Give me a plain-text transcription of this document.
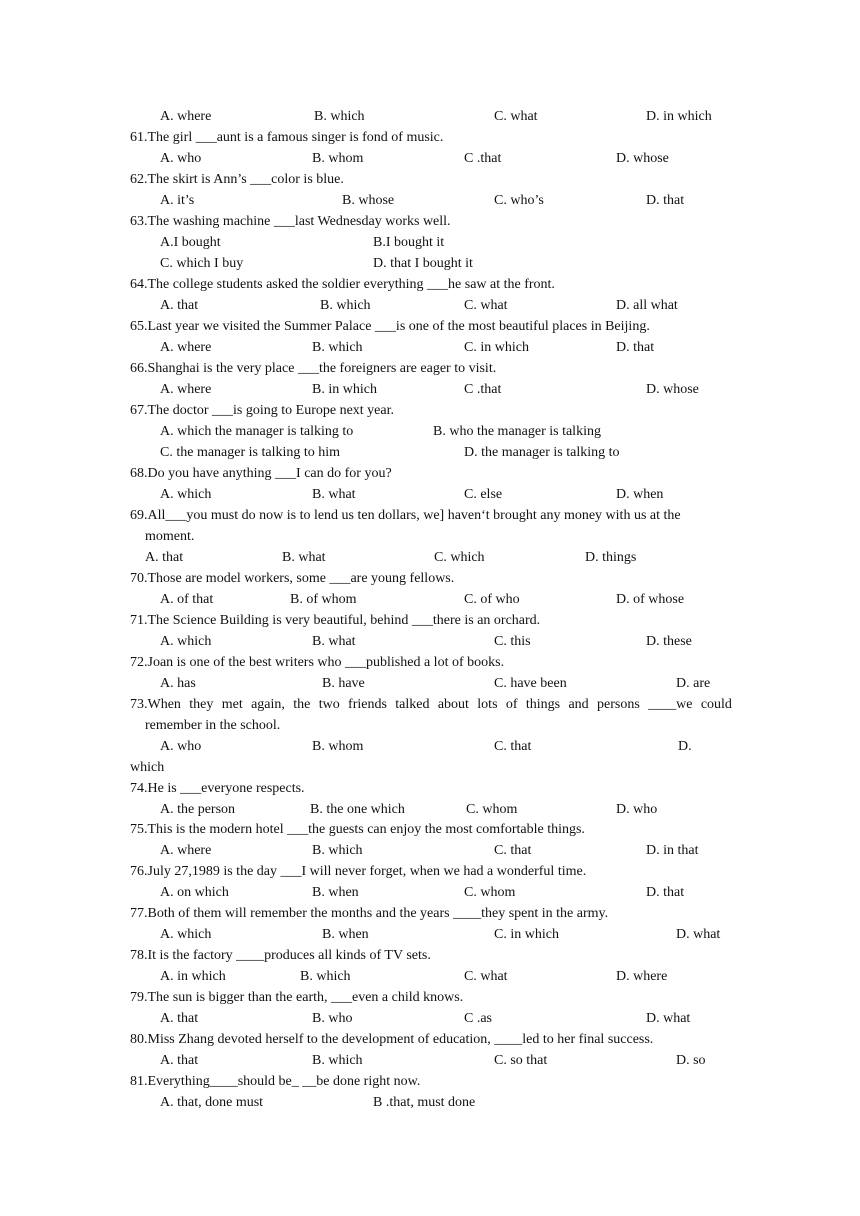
A. where	B. which	C. what	D. in which
61.The girl ___aunt is a famous singer is fond of music.
A. who	B. whom	C .that	D. whose
62.The skirt is Ann’s ___color is blue.
A. it’s	B. whose	C. who’s	D. that
63.The washing machine ___last Wednesday works well.
A.I bought	B.I bought it
C. which I buy	D. that I bought it
64.The college students asked the soldier everything ___he saw at the front.
A. that	B. which	C. what	D. all what
65.Last year we visited the Summer Palace ___is one of the most beautiful places in Beijing.
A. where	B. which	C. in which	D. that
66.Shanghai is the very place ___the foreigners are eager to visit.
A. where	B. in which	C .that	D. whose
67.The doctor ___is going to Europe next year.
A. which the manager is talking to	B. who the manager is talking
C. the manager is talking to him	D. the manager is talking to
68.Do you have anything ___I can do for you?
A. which	B. what	C. else	D. when
69.All___you must do now is to lend us ten dollars, we] haven‘t brought any money with us at the
moment.
A. that	B. what	C. which	D. things
70.Those are model workers, some ___are young fellows.
A. of that	B. of whom	C. of who	D. of whose
71.The Science Building is very beautiful, behind ___there is an orchard.
A. which	B. what	C. this	D. these
72.Joan is one of the best writers who ___published a lot of books.
A. has	B. have	C. have been	D. are
73.When they met again, the two friends talked about lots of things and persons ____we could
remember in the school.
A. who	B. whom	C. that	D.
which
74.He is ___everyone respects.
A. the person	B. the one which	C. whom	D. who
75.This is the modern hotel ___the guests can enjoy the most comfortable things.
A. where	B. which	C. that	D. in that
76.July 27,1989 is the day ___I will never forget, when we had a wonderful time.
A. on which	B. when	C. whom	D. that
77.Both of them will remember the months and the years ____they spent in the army.
A. which	B. when	C. in which	D. what
78.It is the factory ____produces all kinds of TV sets.
A. in which	B. which	C. what	D. where
79.The sun is bigger than the earth, ___even a child knows.
A. that	B. who	C .as	D. what
80.Miss Zhang devoted herself to the development of education, ____led to her final success.
A. that	B. which	C. so that	D. so
81.Everything____should be_ __be done right now.
A. that, done must	B .that, must done
